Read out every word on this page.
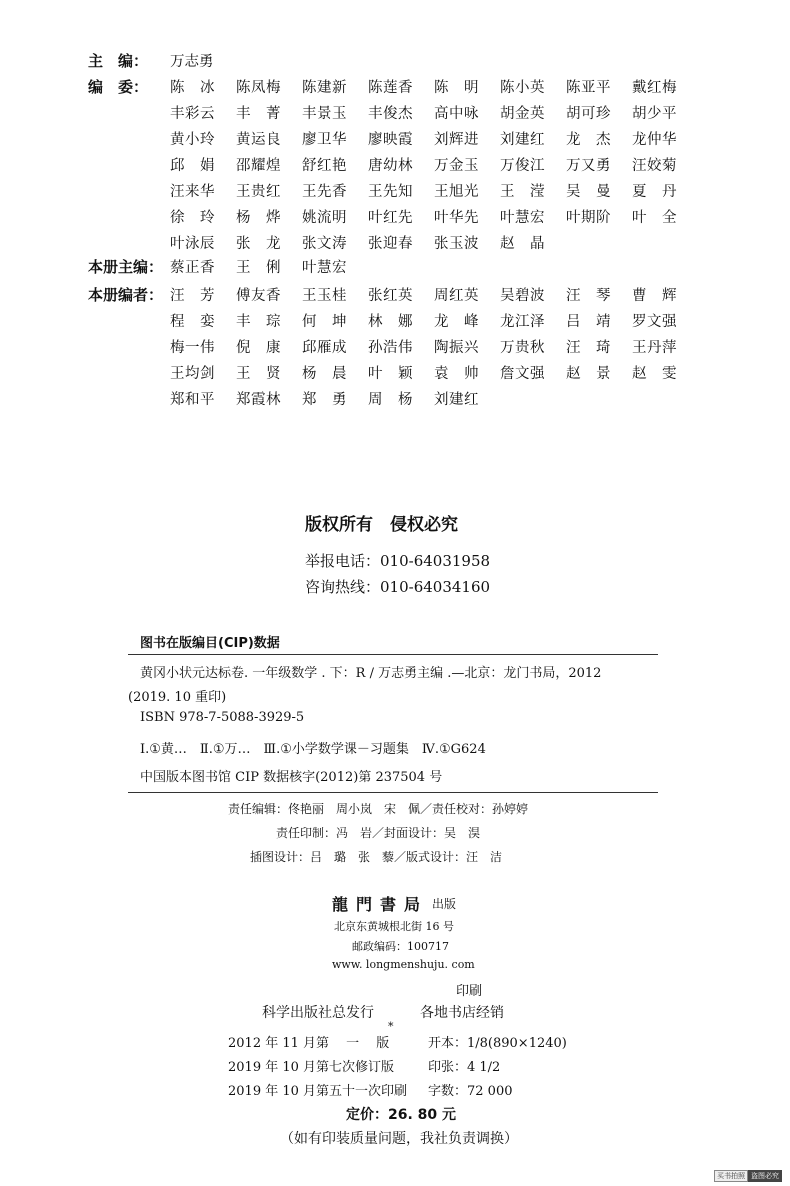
主　编： 万志勇
编　委： 陈　冰	陈凤梅	陈建新	陈莲香	陈　明	陈小英	陈亚平	戴红梅
丰彩云	丰　菁	丰景玉	丰俊杰	高中咏	胡金英	胡可珍	胡少平
黄小玲	黄运良	廖卫华	廖映霞	刘辉进	刘建红	龙　杰	龙仲华
邱　娟	邵耀煌	舒红艳	唐幼林	万金玉	万俊江	万又勇	汪姣菊
汪来华	王贵红	王先香	王先知	王旭光	王　滢	吴　曼	夏　丹
徐　玲	杨　烨	姚流明	叶红先	叶华先	叶慧宏	叶期阶	叶　全
叶泳辰	张　龙	张文涛	张迎春	张玉波	赵　晶
本册主编： 蔡正香	王　俐	叶慧宏
本册编者： 汪　芳	傅友香	王玉桂	张红英	周红英	吴碧波	汪　琴	曹　辉
程　娈	丰　琮	何　坤	林　娜	龙　峰	龙江泽	吕　靖	罗文强
梅一伟	倪　康	邱雁成	孙浩伟	陶振兴	万贵秋	汪　琦	王丹萍
王均剑	王　贤	杨　晨	叶　颖	袁　帅	詹文强	赵　景	赵　雯
郑和平	郑霞林	郑　勇	周　杨	刘建红
版权所有　侵权必究
举报电话：010-64031958
咨询热线：010-64034160
图书在版编目(CIP)数据
黄冈小状元达标卷. 一年级数学 . 下：R / 万志勇主编 .—北京：龙门书局，2012
(2019. 10 重印)
ISBN 978-7-5088-3929-5
Ⅰ.①黄…　Ⅱ.①万…　Ⅲ.①小学数学课－习题集　Ⅳ.①G624
中国版本图书馆 CIP 数据核字(2012)第 237504 号
责任编辑：佟艳丽　周小岚　宋　佩／责任校对：孙婷婷
责任印制：冯　岩／封面设计：吴　淏
插图设计：吕　璐　张　藜／版式设计：汪　洁
龍門書局 出版
北京东黄城根北街 16 号
邮政编码：100717
www. longmenshuju. com
印刷
科学出版社总发行	各地书店经销
*
2012 年 11 月第　 一　 版	开本：1/8(890×1240)
2019 年 10 月第七次修订版	印张：4 1/2
2019 年 10 月第五十一次印刷 字数：72 000
定价：26. 80 元
（如有印装质量问题，我社负责调换）
买书拍照 盗图必究
